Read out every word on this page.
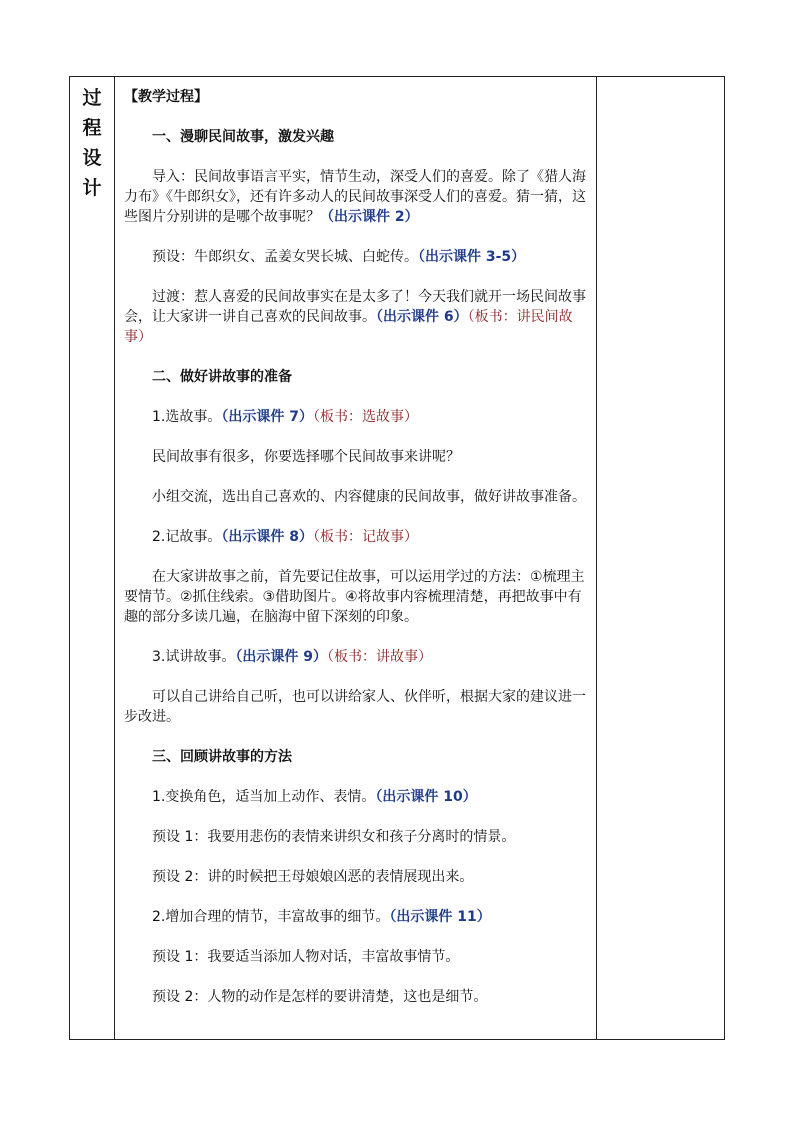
过
程
设
计

【教学过程】

一、漫聊民间故事，激发兴趣

导入：民间故事语言平实，情节生动，深受人们的喜爱。除了《猎人海力布》《牛郎织女》，还有许多动人的民间故事深受人们的喜爱。猜一猜，这些图片分别讲的是哪个故事呢？（出示课件 2）

预设：牛郎织女、孟姜女哭长城、白蛇传。（出示课件 3-5）

过渡：惹人喜爱的民间故事实在是太多了！今天我们就开一场民间故事会，让大家讲一讲自己喜欢的民间故事。（出示课件 6）（板书：讲民间故事）

二、做好讲故事的准备

1.选故事。（出示课件 7）（板书：选故事）

民间故事有很多，你要选择哪个民间故事来讲呢？

小组交流，选出自己喜欢的、内容健康的民间故事，做好讲故事准备。

2.记故事。（出示课件 8）（板书：记故事）

在大家讲故事之前，首先要记住故事，可以运用学过的方法：①梳理主要情节。②抓住线索。③借助图片。④将故事内容梳理清楚，再把故事中有趣的部分多读几遍，在脑海中留下深刻的印象。

3.试讲故事。（出示课件 9）（板书：讲故事）

可以自己讲给自己听，也可以讲给家人、伙伴听，根据大家的建议进一步改进。

三、回顾讲故事的方法

1.变换角色，适当加上动作、表情。（出示课件 10）

预设 1：我要用悲伤的表情来讲织女和孩子分离时的情景。

预设 2：讲的时候把王母娘娘凶恶的表情展现出来。

2.增加合理的情节，丰富故事的细节。（出示课件 11）

预设 1：我要适当添加人物对话，丰富故事情节。

预设 2：人物的动作是怎样的要讲清楚，这也是细节。
